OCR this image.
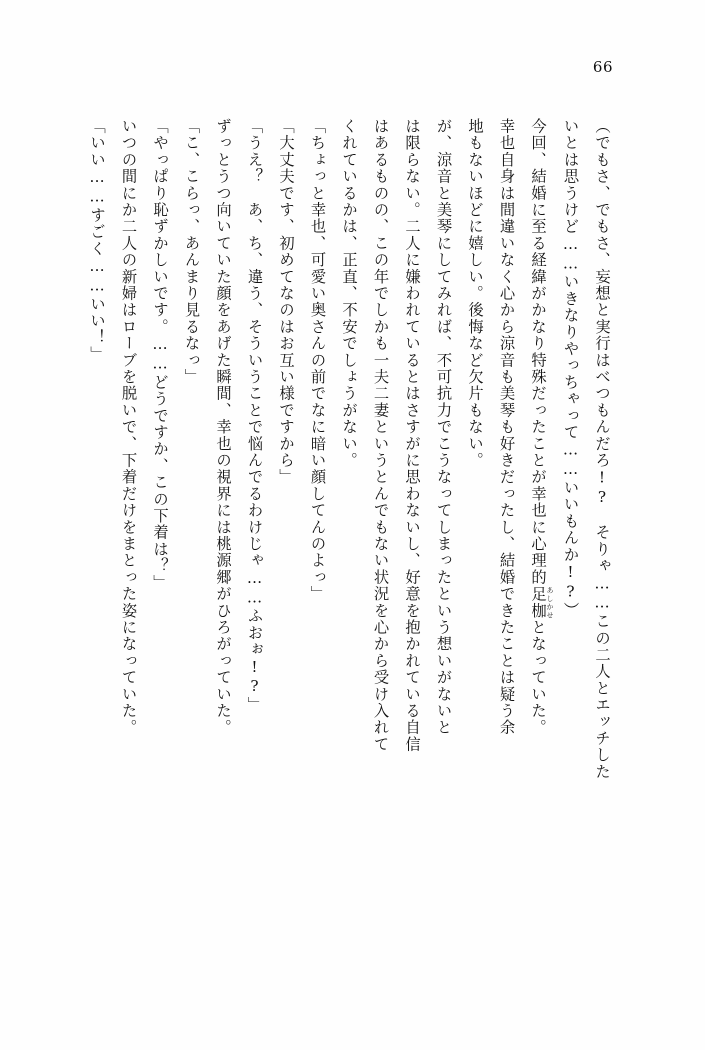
66
（でもさ、でもさ、妄想と実行はべつもんだろ!?　そりゃ……この二人とエッチした
いとは思うけど……いきなりやっちゃって……いいもんか!?）
今回、結婚に至る経緯がかなり特殊だったことが幸也に心理的足枷 あしかせとなっていた。
幸也自身は間違いなく心から涼音も美琴も好きだったし、結婚できたことは疑う余
地もないほどに嬉しい。後悔など欠片もない。
が、涼音と美琴にしてみれば、不可抗力でこうなってしまったという想いがないと
は限らない。二人に嫌われているとはさすがに思わないし、好意を抱かれている自信
はあるものの、この年でしかも一夫二妻というとんでもない状況を心から受け入れて
くれているかは、正直、不安でしょうがない。
「ちょっと幸也、可愛い奥さんの前でなに暗い顔してんのよっ」
「大丈夫です、初めてなのはお互い様ですから」
「うえ？　あ、ち、違う、そういうことで悩んでるわけじゃ……ふおぉ!?」
ずっとうつ向いていた顔をあげた瞬間、幸也の視界には桃源郷がひろがっていた。
「こ、こらっ、あんまり見るなっ」
「やっぱり恥ずかしいです。……どうですか、この下着は？」
いつの間にか二人の新婦はローブを脱いで、下着だけをまとった姿になっていた。
「いい……すごく……いい！」
